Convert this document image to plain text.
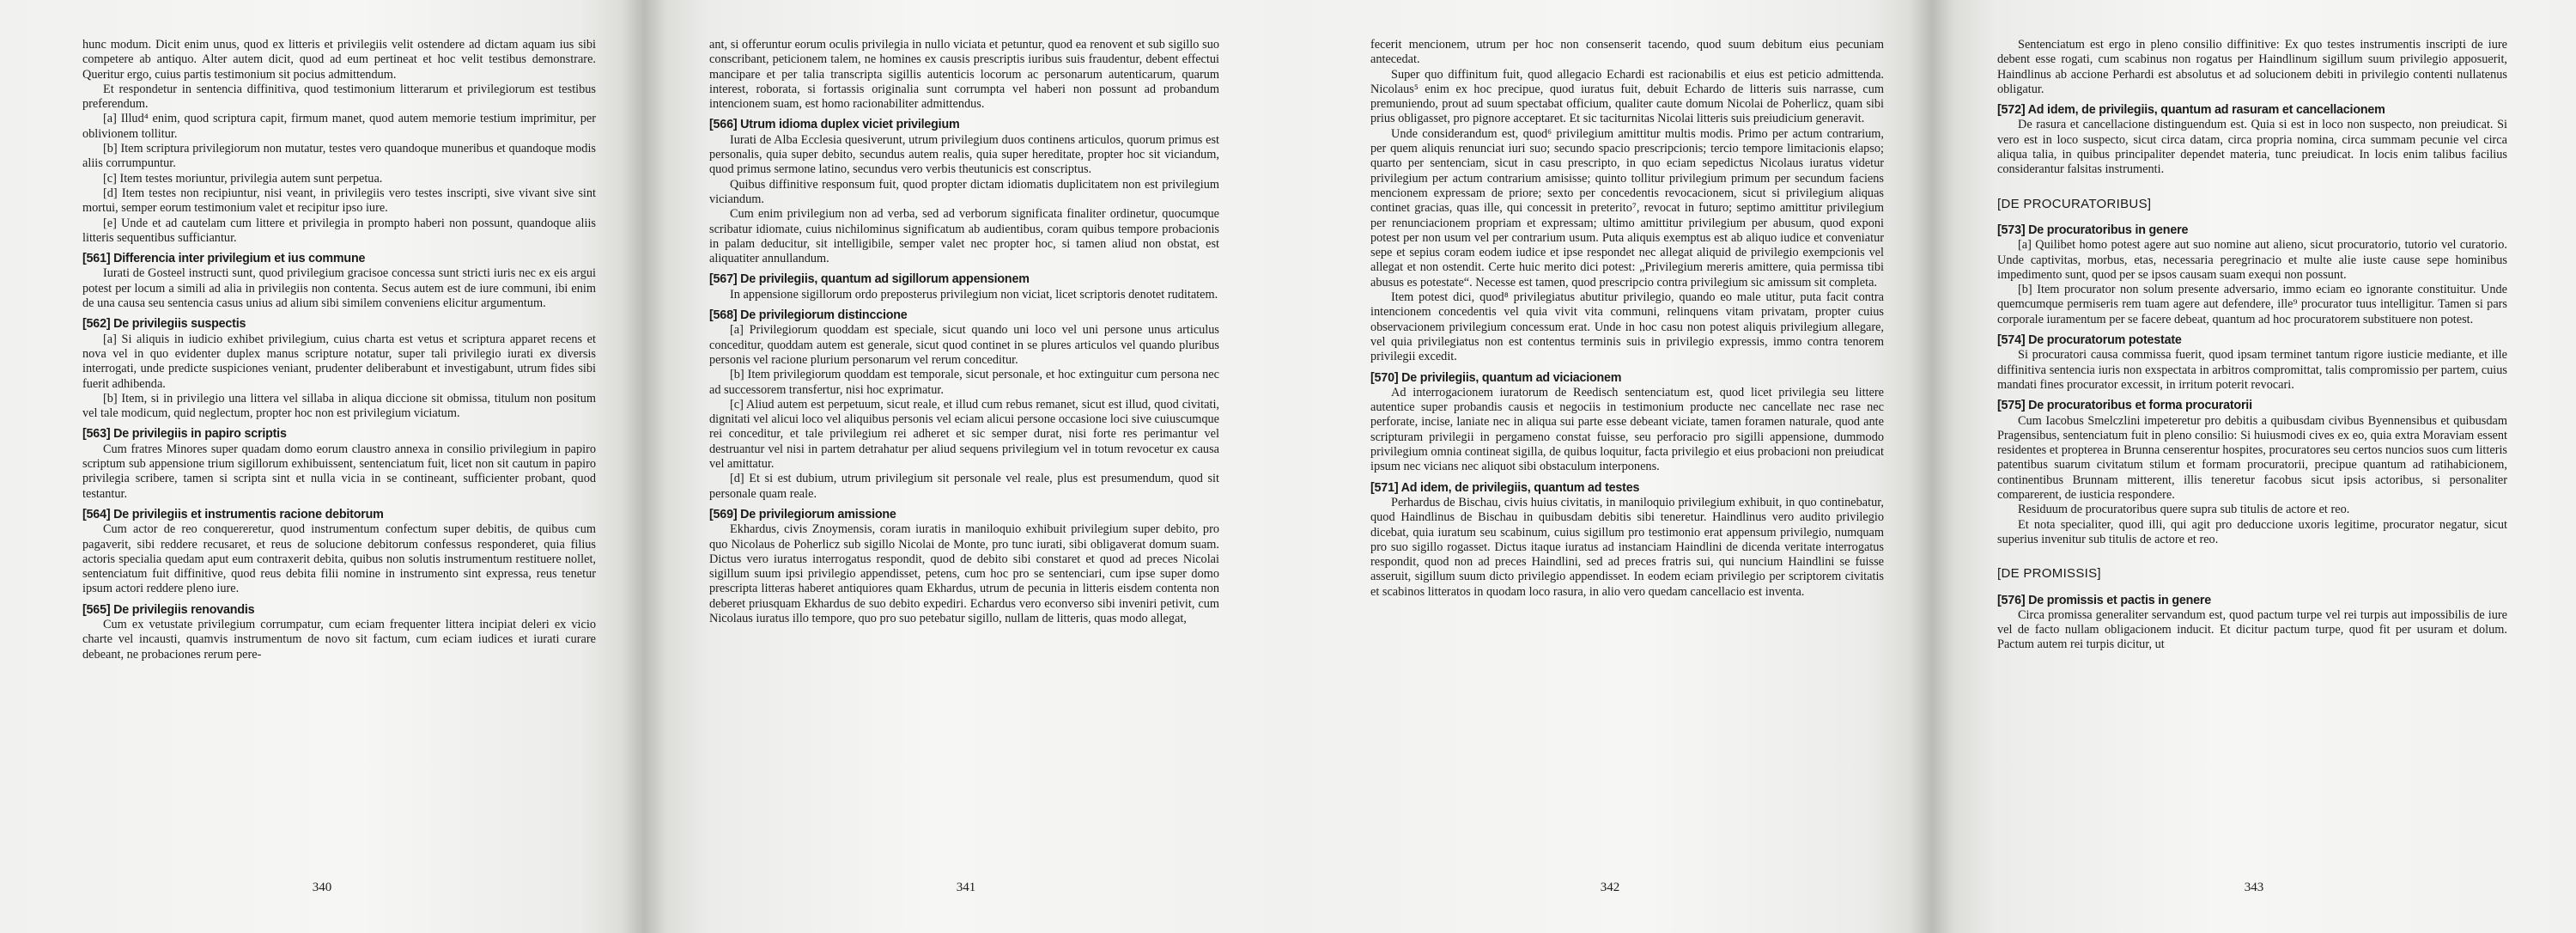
hunc modum. Dicit enim unus, quod ex litteris et privilegiis velit ostendere ad dictam aquam ius sibi competere ab antiquo. Alter autem dicit, quod ad eum pertineat et hoc velit testibus demonstrare. Queritur ergo, cuius partis testimonium sit pocius admittendum.

Et respondetur in sentencia diffinitiva, quod testimonium litterarum et privilegiorum est testibus preferendum.

[a] Illud⁴ enim, quod scriptura capit, firmum manet, quod autem memorie testium imprimitur, per oblivionem tollitur.

[b] Item scriptura privilegiorum non mutatur, testes vero quandoque muneribus et quandoque modis aliis corrumpuntur.

[c] Item testes moriuntur, privilegia autem sunt perpetua.

[d] Item testes non recipiuntur, nisi veant, in privilegiis vero testes inscripti, sive vivant sive sint mortui, semper eorum testimonium valet et recipitur ipso iure.

[e] Unde et ad cautelam cum littere et privilegia in prompto haberi non possunt, quandoque aliis litteris sequentibus sufficiantur.

[561] Differencia inter privilegium et ius commune

Iurati de Gosteel instructi sunt, quod privilegium gracisoe concessa sunt stricti iuris nec ex eis argui potest per locum a simili ad alia in privilegiis non contenta. Secus autem est de iure communi, ibi enim de una causa seu sentencia casus unius ad alium sibi similem conveniens elicitur argumentum.

[562] De privilegiis suspectis

[a] Si aliquis in iudicio exhibet privilegium, cuius charta est vetus et scriptura apparet recens et nova vel in quo evidenter duplex manus scripture notatur, super tali privilegio iurati ex diversis interrogati, unde predicte suspiciones veniant, prudenter deliberabunt et investigabunt, utrum fides sibi fuerit adhibenda.

[b] Item, si in privilegio una littera vel sillaba in aliqua diccione sit obmissa, titulum non positum vel tale modicum, quid neglectum, propter hoc non est privilegium viciatum.

[563] De privilegiis in papiro scriptis

Cum fratres Minores super quadam domo eorum claustro annexa in consilio privilegium in papiro scriptum sub appensione trium sigillorum exhibuissent, sentenciatum fuit, licet non sit cautum in papiro privilegia scribere, tamen si scripta sint et nulla vicia in se contineant, sufficienter probant, quod testantur.

[564] De privilegiis et instrumentis racione debitorum

Cum actor de reo conquereretur, quod instrumentum confectum super debitis, de quibus cum pagaverit, sibi reddere recusaret, et reus de solucione debitorum confessus responderet, quia filius actoris specialia quedam aput eum contraxerit debita, quibus non solutis instrumentum restituere nollet, sentenciatum fuit diffinitive, quod reus debita filii nomine in instrumento sint expressa, reus tenetur ipsum actori reddere pleno iure.

[565] De privilegiis renovandis

Cum ex vetustate privilegium corrumpatur, cum eciam frequenter littera incipiat deleri ex vicio charte vel incausti, quamvis instrumentum de novo sit factum, cum eciam iudices et iurati curare debeant, ne probaciones rerum pere-

340

ant, si offeruntur eorum oculis privilegia in nullo viciata et petuntur, quod ea renovent et sub sigillo suo conscribant, peticionem talem, ne homines ex causis prescriptis iuribus suis fraudentur, debent effectui mancipare et per talia transcripta sigillis autenticis locorum ac personarum autenticarum, quarum interest, roborata, si fortassis originalia sunt corrumpta vel haberi non possunt ad probandum intencionem suam, est homo racionabiliter admittendus.

[566] Utrum idioma duplex viciet privilegium

Iurati de Alba Ecclesia quesiverunt, utrum privilegium duos continens articulos, quorum primus est personalis, quia super debito, secundus autem realis, quia super hereditate, propter hoc sit viciandum, quod primus sermone latino, secundus vero verbis theutunicis est conscriptus.

Quibus diffinitive responsum fuit, quod propter dictam idiomatis duplicitatem non est privilegium viciandum.

Cum enim privilegium non ad verba, sed ad verborum significata finaliter ordinetur, quocumque scribatur idiomate, cuius nichilominus significatum ab audientibus, coram quibus tempore probacionis in palam deducitur, sit intelligibile, semper valet nec propter hoc, si tamen aliud non obstat, est aliquatiter annullandum.

[567] De privilegiis, quantum ad sigillorum appensionem

In appensione sigillorum ordo preposterus privilegium non viciat, licet scriptoris denotet ruditatem.

[568] De privilegiorum distinccione

[a] Privilegiorum quoddam est speciale, sicut quando uni loco vel uni persone unus articulus conceditur, quoddam autem est generale, sicut quod continet in se plures articulos vel quando pluribus personis vel racione plurium personarum vel rerum conceditur.

[b] Item privilegiorum quoddam est temporale, sicut personale, et hoc extinguitur cum persona nec ad successorem transfertur, nisi hoc exprimatur.

[c] Aliud autem est perpetuum, sicut reale, et illud cum rebus remanet, sicut est illud, quod civitati, dignitati vel alicui loco vel aliquibus personis vel eciam alicui persone occasione loci sive cuiuscumque rei conceditur, et tale privilegium rei adheret et sic semper durat, nisi forte res perimantur vel destruantur vel nisi in partem detrahatur per aliud sequens privilegium vel in totum revocetur ex causa vel amittatur.

[d] Et si est dubium, utrum privilegium sit personale vel reale, plus est presumendum, quod sit personale quam reale.

[569] De privilegiorum amissione

Ekhardus, civis Znoymensis, coram iuratis in maniloquio exhibuit privilegium super debito, pro quo Nicolaus de Poherlicz sub sigillo Nicolai de Monte, pro tunc iurati, sibi obligaverat domum suam. Dictus vero iuratus interrogatus respondit, quod de debito sibi constaret et quod ad preces Nicolai sigillum suum ipsi privilegio appendisset, petens, cum hoc pro se sentenciari, cum ipse super domo prescripta litteras haberet antiquiores quam Ekhardus, utrum de pecunia in litteris eisdem contenta non deberet priusquam Ekhardus de suo debito expediri. Echardus vero econverso sibi inveniri petivit, cum Nicolaus iuratus illo tempore, quo pro suo petebatur sigillo, nullam de litteris, quas modo allegat,

341

fecerit mencionem, utrum per hoc non consenserit tacendo, quod suum debitum eius pecuniam antecedat.

Super quo diffinitum fuit, quod allegacio Echardi est racionabilis et eius est peticio admittenda. Nicolaus⁵ enim ex hoc precipue, quod iuratus fuit, debuit Echardo de litteris suis narrasse, cum premuniendo, prout ad suum spectabat officium, qualiter caute domum Nicolai de Poherlicz, quam sibi prius obligasset, pro pignore acceptaret. Et sic taciturnitas Nicolai litteris suis preiudicium generavit.

Unde considerandum est, quod⁶ privilegium amittitur multis modis. Primo per actum contrarium, per quem aliquis renunciat iuri suo; secundo spacio prescripcionis; tercio tempore limitacionis elapso; quarto per sentenciam, sicut in casu prescripto, in quo eciam sepedictus Nicolaus iuratus videtur privilegium per actum contrarium amisisse; quinto tollitur privilegium primum per secundum faciens mencionem expressam de priore; sexto per concedentis revocacionem, sicut si privilegium aliquas continet gracias, quas ille, qui concessit in preterito⁷, revocat in futuro; septimo amittitur privilegium per renunciacionem propriam et expressam; ultimo amittitur privilegium per abusum, quod exponi potest per non usum vel per contrarium usum. Puta aliquis exemptus est ab aliquo iudice et conveniatur sepe et sepius coram eodem iudice et ipse respondet nec allegat aliquid de privilegio exempcionis vel allegat et non ostendit. Certe huic merito dici potest: „Privilegium mereris amittere, quia permissa tibi abusus es potestate“. Necesse est tamen, quod prescripcio contra privilegium sic amissum sit completa.

Item potest dici, quod⁸ privilegiatus abutitur privilegio, quando eo male utitur, puta facit contra intencionem concedentis vel quia vivit vita communi, relinquens vitam privatam, propter cuius observacionem privilegium concessum erat. Unde in hoc casu non potest aliquis privilegium allegare, vel quia privilegiatus non est contentus terminis suis in privilegio expressis, immo contra tenorem privilegii excedit.

[570] De privilegiis, quantum ad viciacionem

Ad interrogacionem iuratorum de Reedisch sentenciatum est, quod licet privilegia seu littere autentice super probandis causis et negociis in testimonium producte nec cancellate nec rase nec perforate, incise, laniate nec in aliqua sui parte esse debeant viciate, tamen foramen naturale, quod ante scripturam privilegii in pergameno constat fuisse, seu perforacio pro sigilli appensione, dummodo privilegium omnia contineat sigilla, de quibus loquitur, facta privilegio et eius probacioni non preiudicat ipsum nec vicians nec aliquot sibi obstaculum interponens.

[571] Ad idem, de privilegiis, quantum ad testes

Perhardus de Bischau, civis huius civitatis, in maniloquio privilegium exhibuit, in quo continebatur, quod Haindlinus de Bischau in quibusdam debitis sibi teneretur. Haindlinus vero audito privilegio dicebat, quia iuratum seu scabinum, cuius sigillum pro testimonio erat appensum privilegio, numquam pro suo sigillo rogasset. Dictus itaque iuratus ad instanciam Haindlini de dicenda veritate interrogatus respondit, quod non ad preces Haindlini, sed ad preces fratris sui, qui nuncium Haindlini se fuisse asseruit, sigillum suum dicto privilegio appendisset. In eodem eciam privilegio per scriptorem civitatis et scabinos litteratos in quodam loco rasura, in alio vero quedam cancellacio est inventa.

342

Sentenciatum est ergo in pleno consilio diffinitive: Ex quo testes instrumentis inscripti de iure debent esse rogati, cum scabinus non rogatus per Haindlinum sigillum suum privilegio apposuerit, Haindlinus ab accione Perhardi est absolutus et ad solucionem debiti in privilegio contenti nullatenus obligatur.

[572] Ad idem, de privilegiis, quantum ad rasuram et cancellacionem

De rasura et cancellacione distinguendum est. Quia si est in loco non suspecto, non preiudicat. Si vero est in loco suspecto, sicut circa datam, circa propria nomina, circa summam pecunie vel circa aliqua talia, in quibus principaliter dependet materia, tunc preiudicat. In locis enim talibus facilius considerantur falsitas instrumenti.

[DE PROCURATORIBUS]
[573] De procuratoribus in genere

[a] Quilibet homo potest agere aut suo nomine aut alieno, sicut procuratorio, tutorio vel curatorio. Unde captivitas, morbus, etas, necessaria peregrinacio et multe alie iuste cause sepe hominibus impedimento sunt, quod per se ipsos causam suam exequi non possunt.

[b] Item procurator non solum presente adversario, immo eciam eo ignorante constituitur. Unde quemcumque permiseris rem tuam agere aut defendere, ille⁹ procurator tuus intelligitur. Tamen si pars corporale iuramentum per se facere debeat, quantum ad hoc procuratorem substituere non potest.

[574] De procuratorum potestate

Si procuratori causa commissa fuerit, quod ipsam terminet tantum rigore iusticie mediante, et ille diffinitiva sentencia iuris non exspectata in arbitros compromittat, talis compromissio per partem, cuius mandati fines procurator excessit, in irritum poterit revocari.

[575] De procuratoribus et forma procuratorii

Cum Iacobus Smelczlini impeteretur pro debitis a quibusdam civibus Byennensibus et quibusdam Pragensibus, sentenciatum fuit in pleno consilio: Si huiusmodi cives ex eo, quia extra Moraviam essent residentes et propterea in Brunna censerentur hospites, procuratores seu certos nuncios suos cum litteris patentibus suarum civitatum stilum et formam procuratorii, precipue quantum ad ratihabicionem, continentibus Brunnam mitterent, illis teneretur facobus sicut ipsis actoribus, si personaliter comparerent, de iusticia respondere.

Residuum de procuratoribus quere supra sub titulis de actore et reo.

Et nota specialiter, quod illi, qui agit pro deduccione uxoris legitime, procurator negatur, sicut superius invenitur sub titulis de actore et reo.

[DE PROMISSIS]
[576] De promissis et pactis in genere

Circa promissa generaliter servandum est, quod pactum turpe vel rei turpis aut impossibilis de iure vel de facto nullam obligacionem inducit. Et dicitur pactum turpe, quod fit per usuram et dolum. Pactum autem rei turpis dicitur, ut

343
